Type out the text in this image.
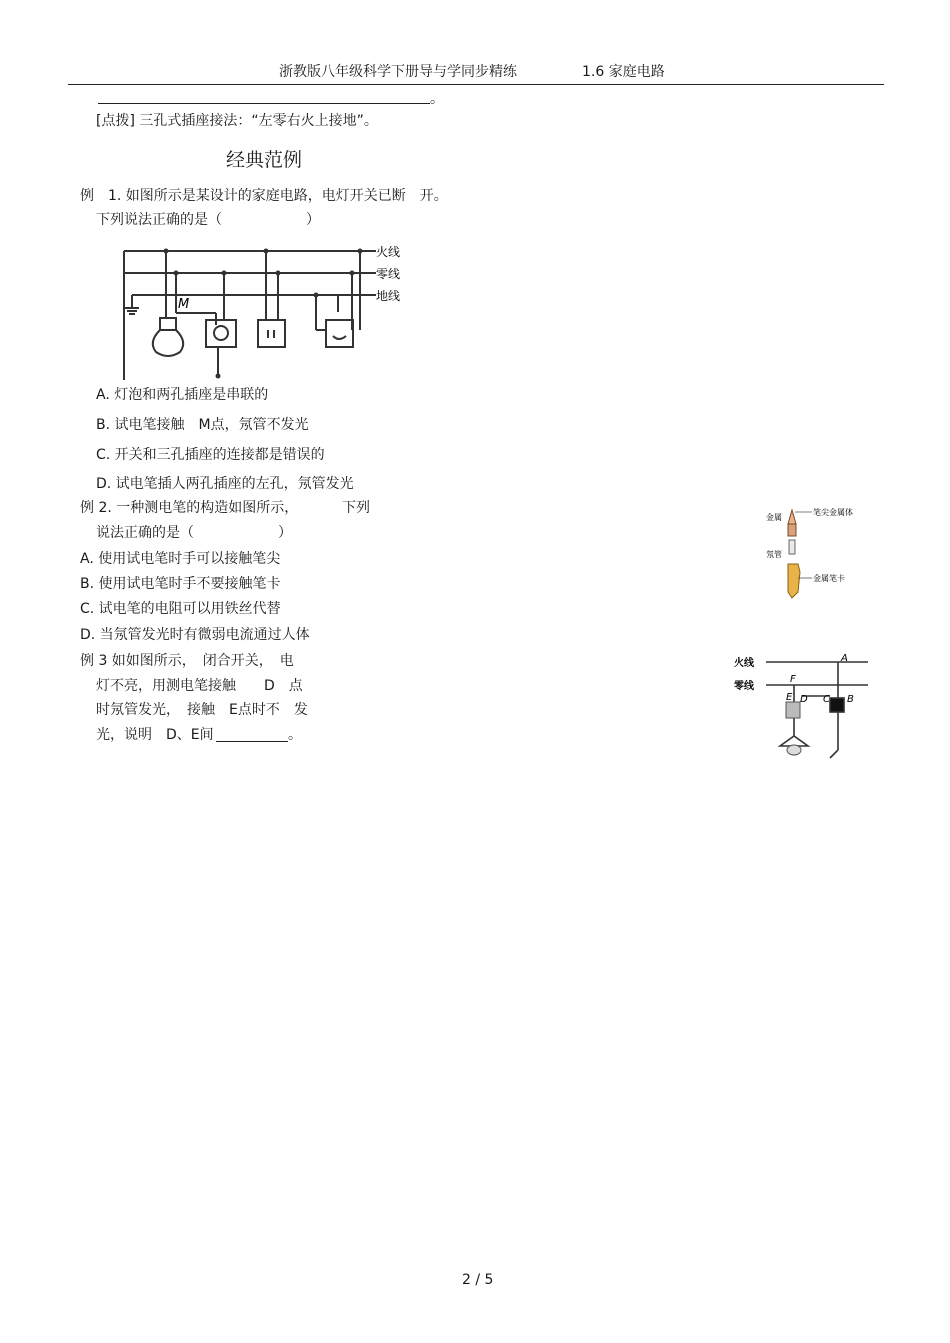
浙教版八年级科学下册导与学同步精练	1.6 家庭电路
。
[点拨] 三孔式插座接法：“左零右火上接地”。
经典范例
例　1. 如图所示是某设计的家庭电路，电灯开关已断　开。
下列说法正确的是（　　　　　　）
火线
零线
地线
M
A. 灯泡和两孔插座是串联的
B. 试电笔接触　M点，氖管不发光
C. 开关和三孔插座的连接都是错误的
D. 试电笔插人两孔插座的左孔，氖管发光
例 2. 一种测电笔的构造如图所示，	下列
说法正确的是（　　　　　　）
A. 使用试电笔时手可以接触笔尖
B. 使用试电笔时手不要接触笔卡
C. 试电笔的电阻可以用铁丝代替
D. 当氖管发光时有微弱电流通过人体
笔尖金属体
金属
氖管
金属笔卡
例 3 如如图所示，　闭合开关，　电
灯不亮，用测电笔接触　　D　点
时氖管发光，　接触　E点时不　发
光，说明　D、E间	。
火线
零线
A
B
C
D
E
F
2 / 5
